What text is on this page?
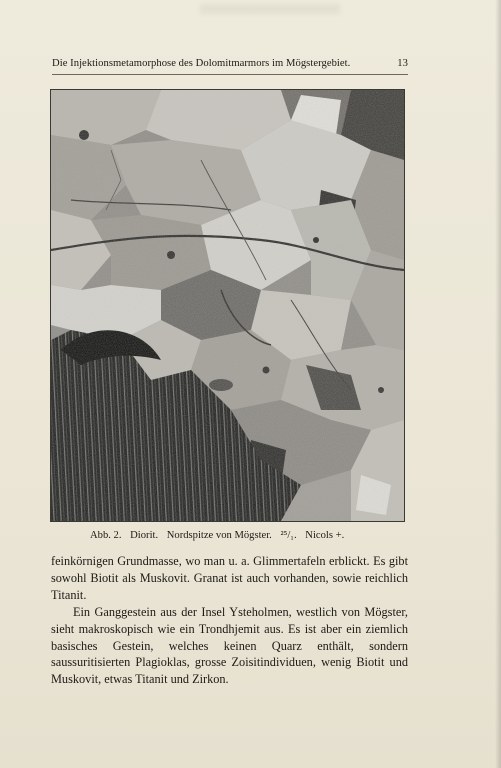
Die Injektionsmetamorphose des Dolomitmarmors im Mögstergebiet.	13
Abb. 2. Diorit. Nordspitze von Mögster. ²⁵/₁. Nicols +.

feinkörnigen Grundmasse, wo man u. a. Glimmertafeln erblickt. Es gibt sowohl Biotit als Muskovit. Granat ist auch vorhanden, sowie reichlich Titanit.

Ein Ganggestein aus der Insel Ysteholmen, westlich von Mögster, sieht makroskopisch wie ein Trondhjemit aus. Es ist aber ein ziemlich basisches Gestein, welches keinen Quarz enthält, sondern saussuritisierten Plagioklas, grosse Zoisitindividuen, wenig Biotit und Muskovit, etwas Titanit und Zirkon.
